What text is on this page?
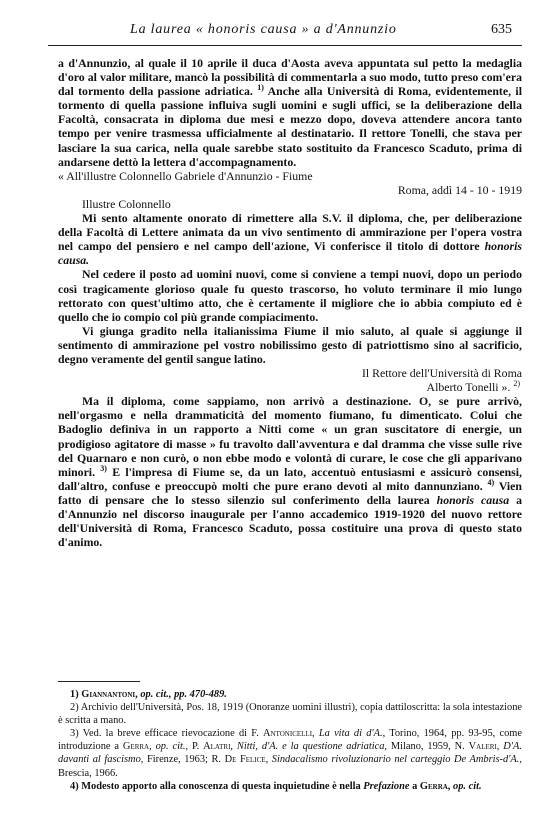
La laurea « honoris causa » a d'Annunzio	635

a d'Annunzio, al quale il 10 aprile il duca d'Aosta aveva appuntata sul petto la medaglia d'oro al valor militare, mancò la possibilità di commentarla a suo modo, tutto preso com'era dal tormento della passione adriatica. $^{1)}$ Anche alla Università di Roma, evidentemente, il tormento di quella passione influiva sugli uomini e sugli uffici, se la deliberazione della Facoltà, consacrata in diploma due mesi e mezzo dopo, doveva attendere ancora tanto tempo per venire trasmessa ufficialmente al destinatario. Il rettore Tonelli, che stava per lasciare la sua carica, nella quale sarebbe stato sostituito da Francesco Scaduto, prima di andarsene dettò la lettera d'accompagnamento.

« All'illustre Colonnello Gabriele d'Annunzio - Fiume

Roma, addì 14 - 10 - 1919

Illustre Colonnello

Mi sento altamente onorato di rimettere alla S.V. il diploma, che, per deliberazione della Facoltà di Lettere animata da un vivo sentimento di ammirazione per l'opera vostra nel campo del pensiero e nel campo dell'azione, Vi conferisce il titolo di dottore honoris causa.

Nel cedere il posto ad uomini nuovi, come si conviene a tempi nuovi, dopo un periodo così tragicamente glorioso quale fu questo trascorso, ho voluto terminare il mio lungo rettorato con quest'ultimo atto, che è certamente il migliore che io abbia compiuto ed è quello che io compio col più grande compiacimento.

Vi giunga gradito nella italianissima Fiume il mio saluto, al quale si aggiunge il sentimento di ammirazione pel vostro nobilissimo gesto di patriottismo sino al sacrificio, degno veramente del gentil sangue latino.

Il Rettore dell'Università di Roma

Alberto Tonelli ». $^{2)}$

Ma il diploma, come sappiamo, non arrivò a destinazione. O, se pure arrivò, nell'orgasmo e nella drammaticità del momento fiumano, fu dimenticato. Colui che Badoglio definiva in un rapporto a Nitti come « un gran suscitatore di energie, un prodigioso agitatore di masse » fu travolto dall'avventura e dal dramma che visse sulle rive del Quarnaro e non curò, o non ebbe modo e volontà di curare, le cose che gli apparivano minori. $^{3)}$ E l'impresa di Fiume se, da un lato, accentuò entusiasmi e assicurò consensi, dall'altro, confuse e preoccupò molti che pure erano devoti al mito dannunziano. $^{4)}$ Vien fatto di pensare che lo stesso silenzio sul conferimento della laurea honoris causa a d'Annunzio nel discorso inaugurale per l'anno accademico 1919-1920 del nuovo rettore dell'Università di Roma, Francesco Scaduto, possa costituire una prova di questo stato d'animo.

1) Giannantoni, op. cit., pp. 470-489.

2) Archivio dell'Università, Pos. 18, 1919 (Onoranze uomini illustri), copia dattiloscritta: la sola intestazione è scritta a mano.

3) Ved. la breve efficace rievocazione di F. Antonicelli, La vita di d'A., Torino, 1964, pp. 93-95, come introduzione a Gerra, op. cit., P. Alatri, Nitti, d'A. e la questione adriatica, Milano, 1959, N. Valeri, D'A. davanti al fascismo, Firenze, 1963; R. De Felice, Sindacalismo rivoluzionario nel carteggio De Ambris-d'A., Brescia, 1966.

4) Modesto apporto alla conoscenza di questa inquietudine è nella Prefazione a Gerra, op. cit.
